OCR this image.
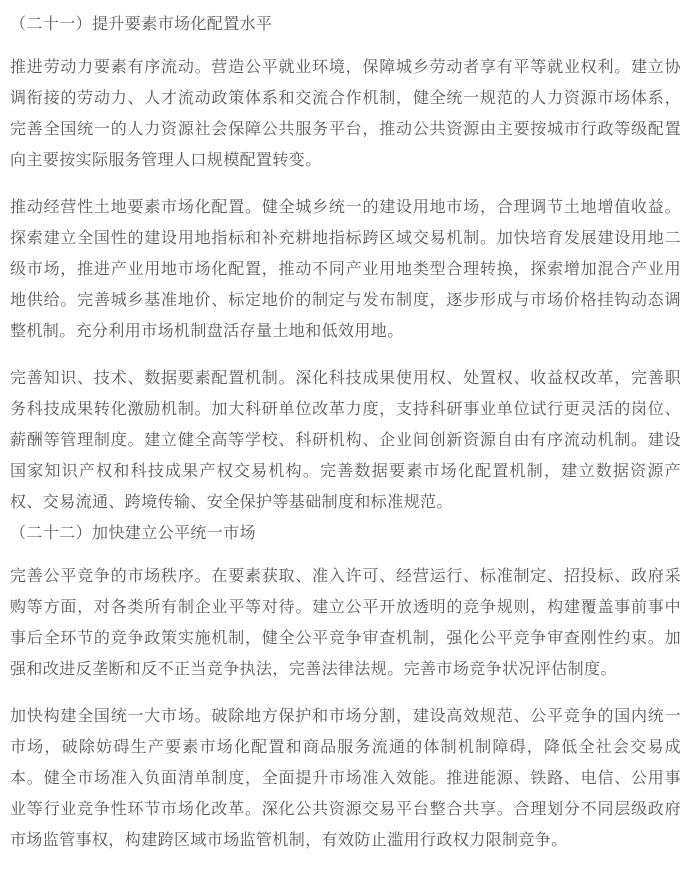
（二十一）提升要素市场化配置水平

推进劳动力要素有序流动。营造公平就业环境，保障城乡劳动者享有平等就业权利。建立协调衔接的劳动力、人才流动政策体系和交流合作机制，健全统一规范的人力资源市场体系，完善全国统一的人力资源社会保障公共服务平台，推动公共资源由主要按城市行政等级配置向主要按实际服务管理人口规模配置转变。

推动经营性土地要素市场化配置。健全城乡统一的建设用地市场，合理调节土地增值收益。探索建立全国性的建设用地指标和补充耕地指标跨区域交易机制。加快培育发展建设用地二级市场，推进产业用地市场化配置，推动不同产业用地类型合理转换，探索增加混合产业用地供给。完善城乡基准地价、标定地价的制定与发布制度，逐步形成与市场价格挂钩动态调整机制。充分利用市场机制盘活存量土地和低效用地。

完善知识、技术、数据要素配置机制。深化科技成果使用权、处置权、收益权改革，完善职务科技成果转化激励机制。加大科研单位改革力度，支持科研事业单位试行更灵活的岗位、薪酬等管理制度。建立健全高等学校、科研机构、企业间创新资源自由有序流动机制。建设国家知识产权和科技成果产权交易机构。完善数据要素市场化配置机制，建立数据资源产权、交易流通、跨境传输、安全保护等基础制度和标准规范。

（二十二）加快建立公平统一市场

完善公平竞争的市场秩序。在要素获取、准入许可、经营运行、标准制定、招投标、政府采购等方面，对各类所有制企业平等对待。建立公平开放透明的竞争规则，构建覆盖事前事中事后全环节的竞争政策实施机制，健全公平竞争审查机制，强化公平竞争审查刚性约束。加强和改进反垄断和反不正当竞争执法，完善法律法规。完善市场竞争状况评估制度。

加快构建全国统一大市场。破除地方保护和市场分割，建设高效规范、公平竞争的国内统一市场，破除妨碍生产要素市场化配置和商品服务流通的体制机制障碍，降低全社会交易成本。健全市场准入负面清单制度，全面提升市场准入效能。推进能源、铁路、电信、公用事业等行业竞争性环节市场化改革。深化公共资源交易平台整合共享。合理划分不同层级政府市场监管事权，构建跨区域市场监管机制，有效防止滥用行政权力限制竞争。
